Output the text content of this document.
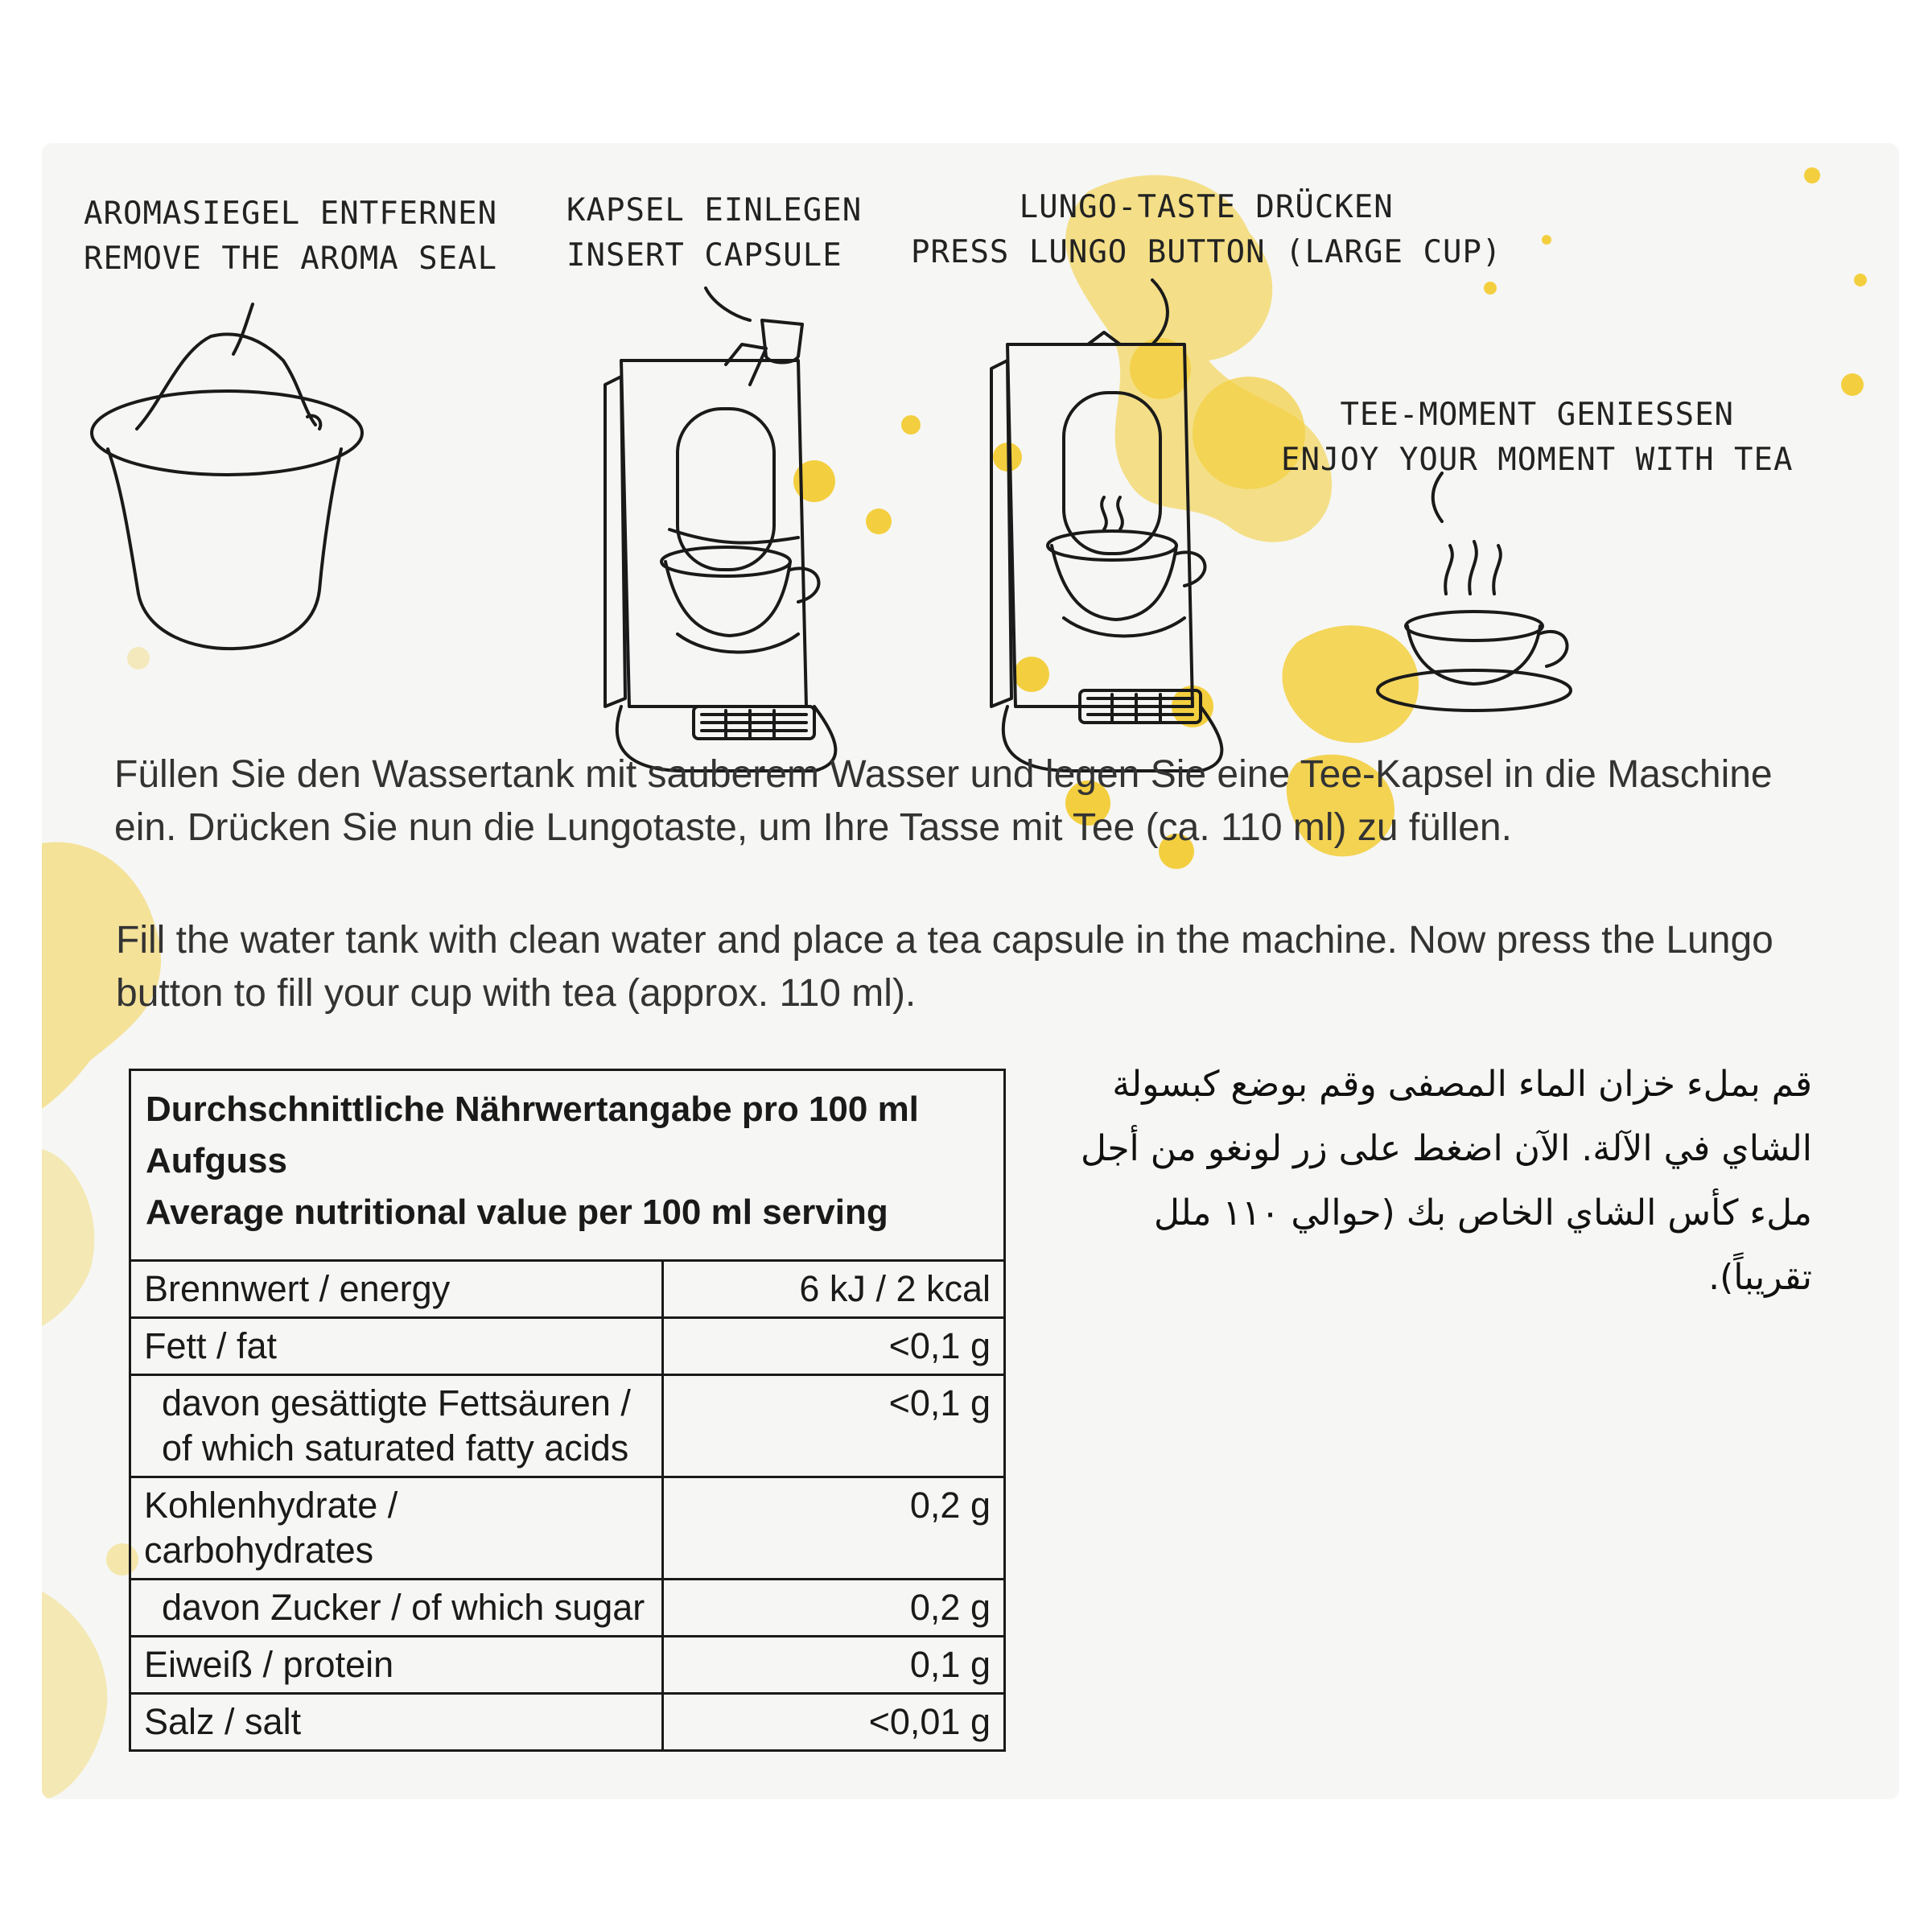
AROMASIEGEL ENTFERNEN
REMOVE THE AROMA SEAL
KAPSEL EINLEGEN
INSERT CAPSULE
LUNGO-TASTE DRÜCKEN
PRESS LUNGO BUTTON (LARGE CUP)
TEE-MOMENT GENIESSEN
ENJOY YOUR MOMENT WITH TEA
Füllen Sie den Wassertank mit sauberem Wasser und legen Sie eine Tee-Kapsel in die Maschine ein. Drücken Sie nun die Lungotaste, um Ihre Tasse mit Tee (ca. 110 ml) zu füllen.
Fill the water tank with clean water and place a tea capsule in the machine. Now press the Lungo button to fill your cup with tea (approx. 110 ml).
Durchschnittliche Nährwertangabe pro 100 ml Aufguss
Average nutritional value per 100 ml serving	

Brennwert / energy	6 kJ / 2 kcal
Fett / fat	<0,1 g

davon gesättigte Fettsäuren /
of which saturated fatty acids	<0,1 g

Kohlenhydrate /
carbohydrates	0,2 g
davon Zucker / of which sugar	0,2 g
Eiweiß / protein	0,1 g
Salz / salt	<0,01 g
قم بملء خزان الماء المصفى وقم بوضع كبسولة الشاي في الآلة. الآن اضغط على زر لونغو من أجل ملء كأس الشاي الخاص بك (حوالي ١١٠ ملل تقريباً).
